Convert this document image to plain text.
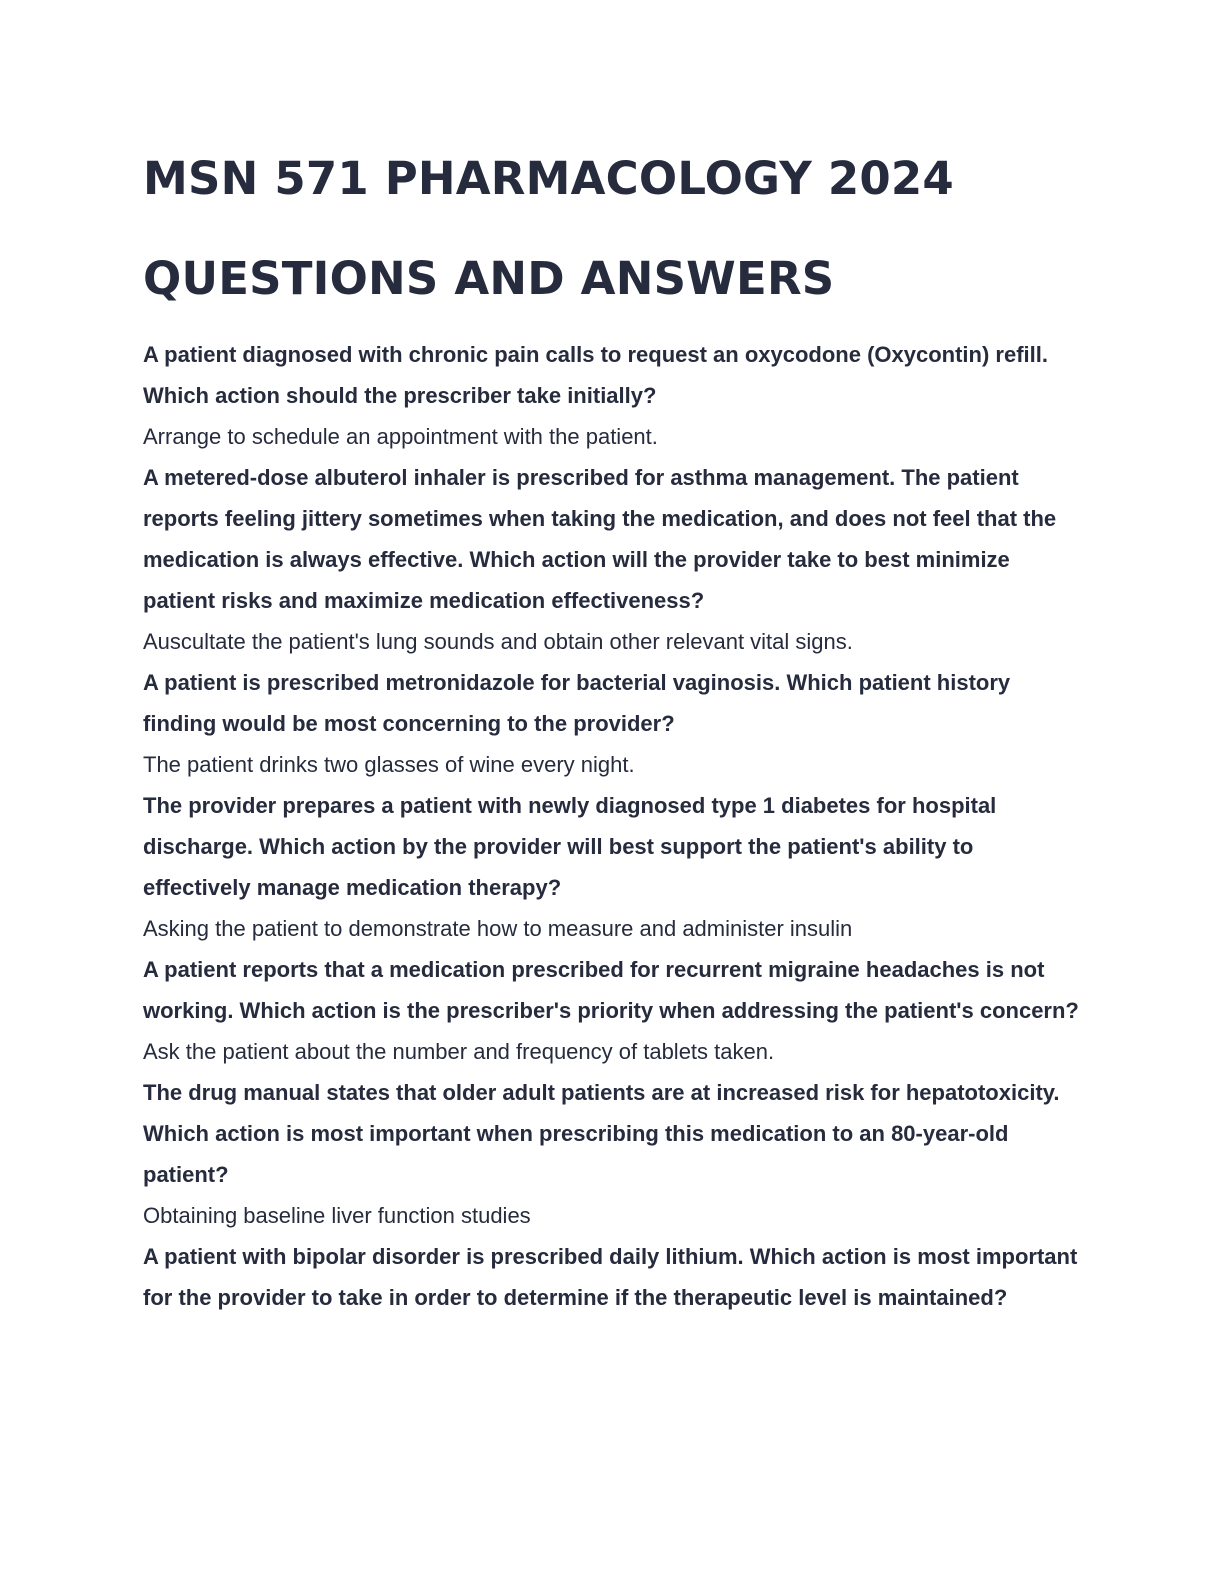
MSN 571 PHARMACOLOGY 2024
QUESTIONS AND ANSWERS

A patient diagnosed with chronic pain calls to request an oxycodone (Oxycontin) refill. Which action should the prescriber take initially?

Arrange to schedule an appointment with the patient.

A metered-dose albuterol inhaler is prescribed for asthma management. The patient reports feeling jittery sometimes when taking the medication, and does not feel that the medication is always effective. Which action will the provider take to best minimize patient risks and maximize medication effectiveness?

Auscultate the patient's lung sounds and obtain other relevant vital signs.

A patient is prescribed metronidazole for bacterial vaginosis. Which patient history finding would be most concerning to the provider?

The patient drinks two glasses of wine every night.

The provider prepares a patient with newly diagnosed type 1 diabetes for hospital discharge. Which action by the provider will best support the patient's ability to effectively manage medication therapy?

Asking the patient to demonstrate how to measure and administer insulin

A patient reports that a medication prescribed for recurrent migraine headaches is not working. Which action is the prescriber's priority when addressing the patient's concern?

Ask the patient about the number and frequency of tablets taken.

The drug manual states that older adult patients are at increased risk for hepatotoxicity. Which action is most important when prescribing this medication to an 80-year-old patient?

Obtaining baseline liver function studies

A patient with bipolar disorder is prescribed daily lithium. Which action is most important for the provider to take in order to determine if the therapeutic level is maintained?
